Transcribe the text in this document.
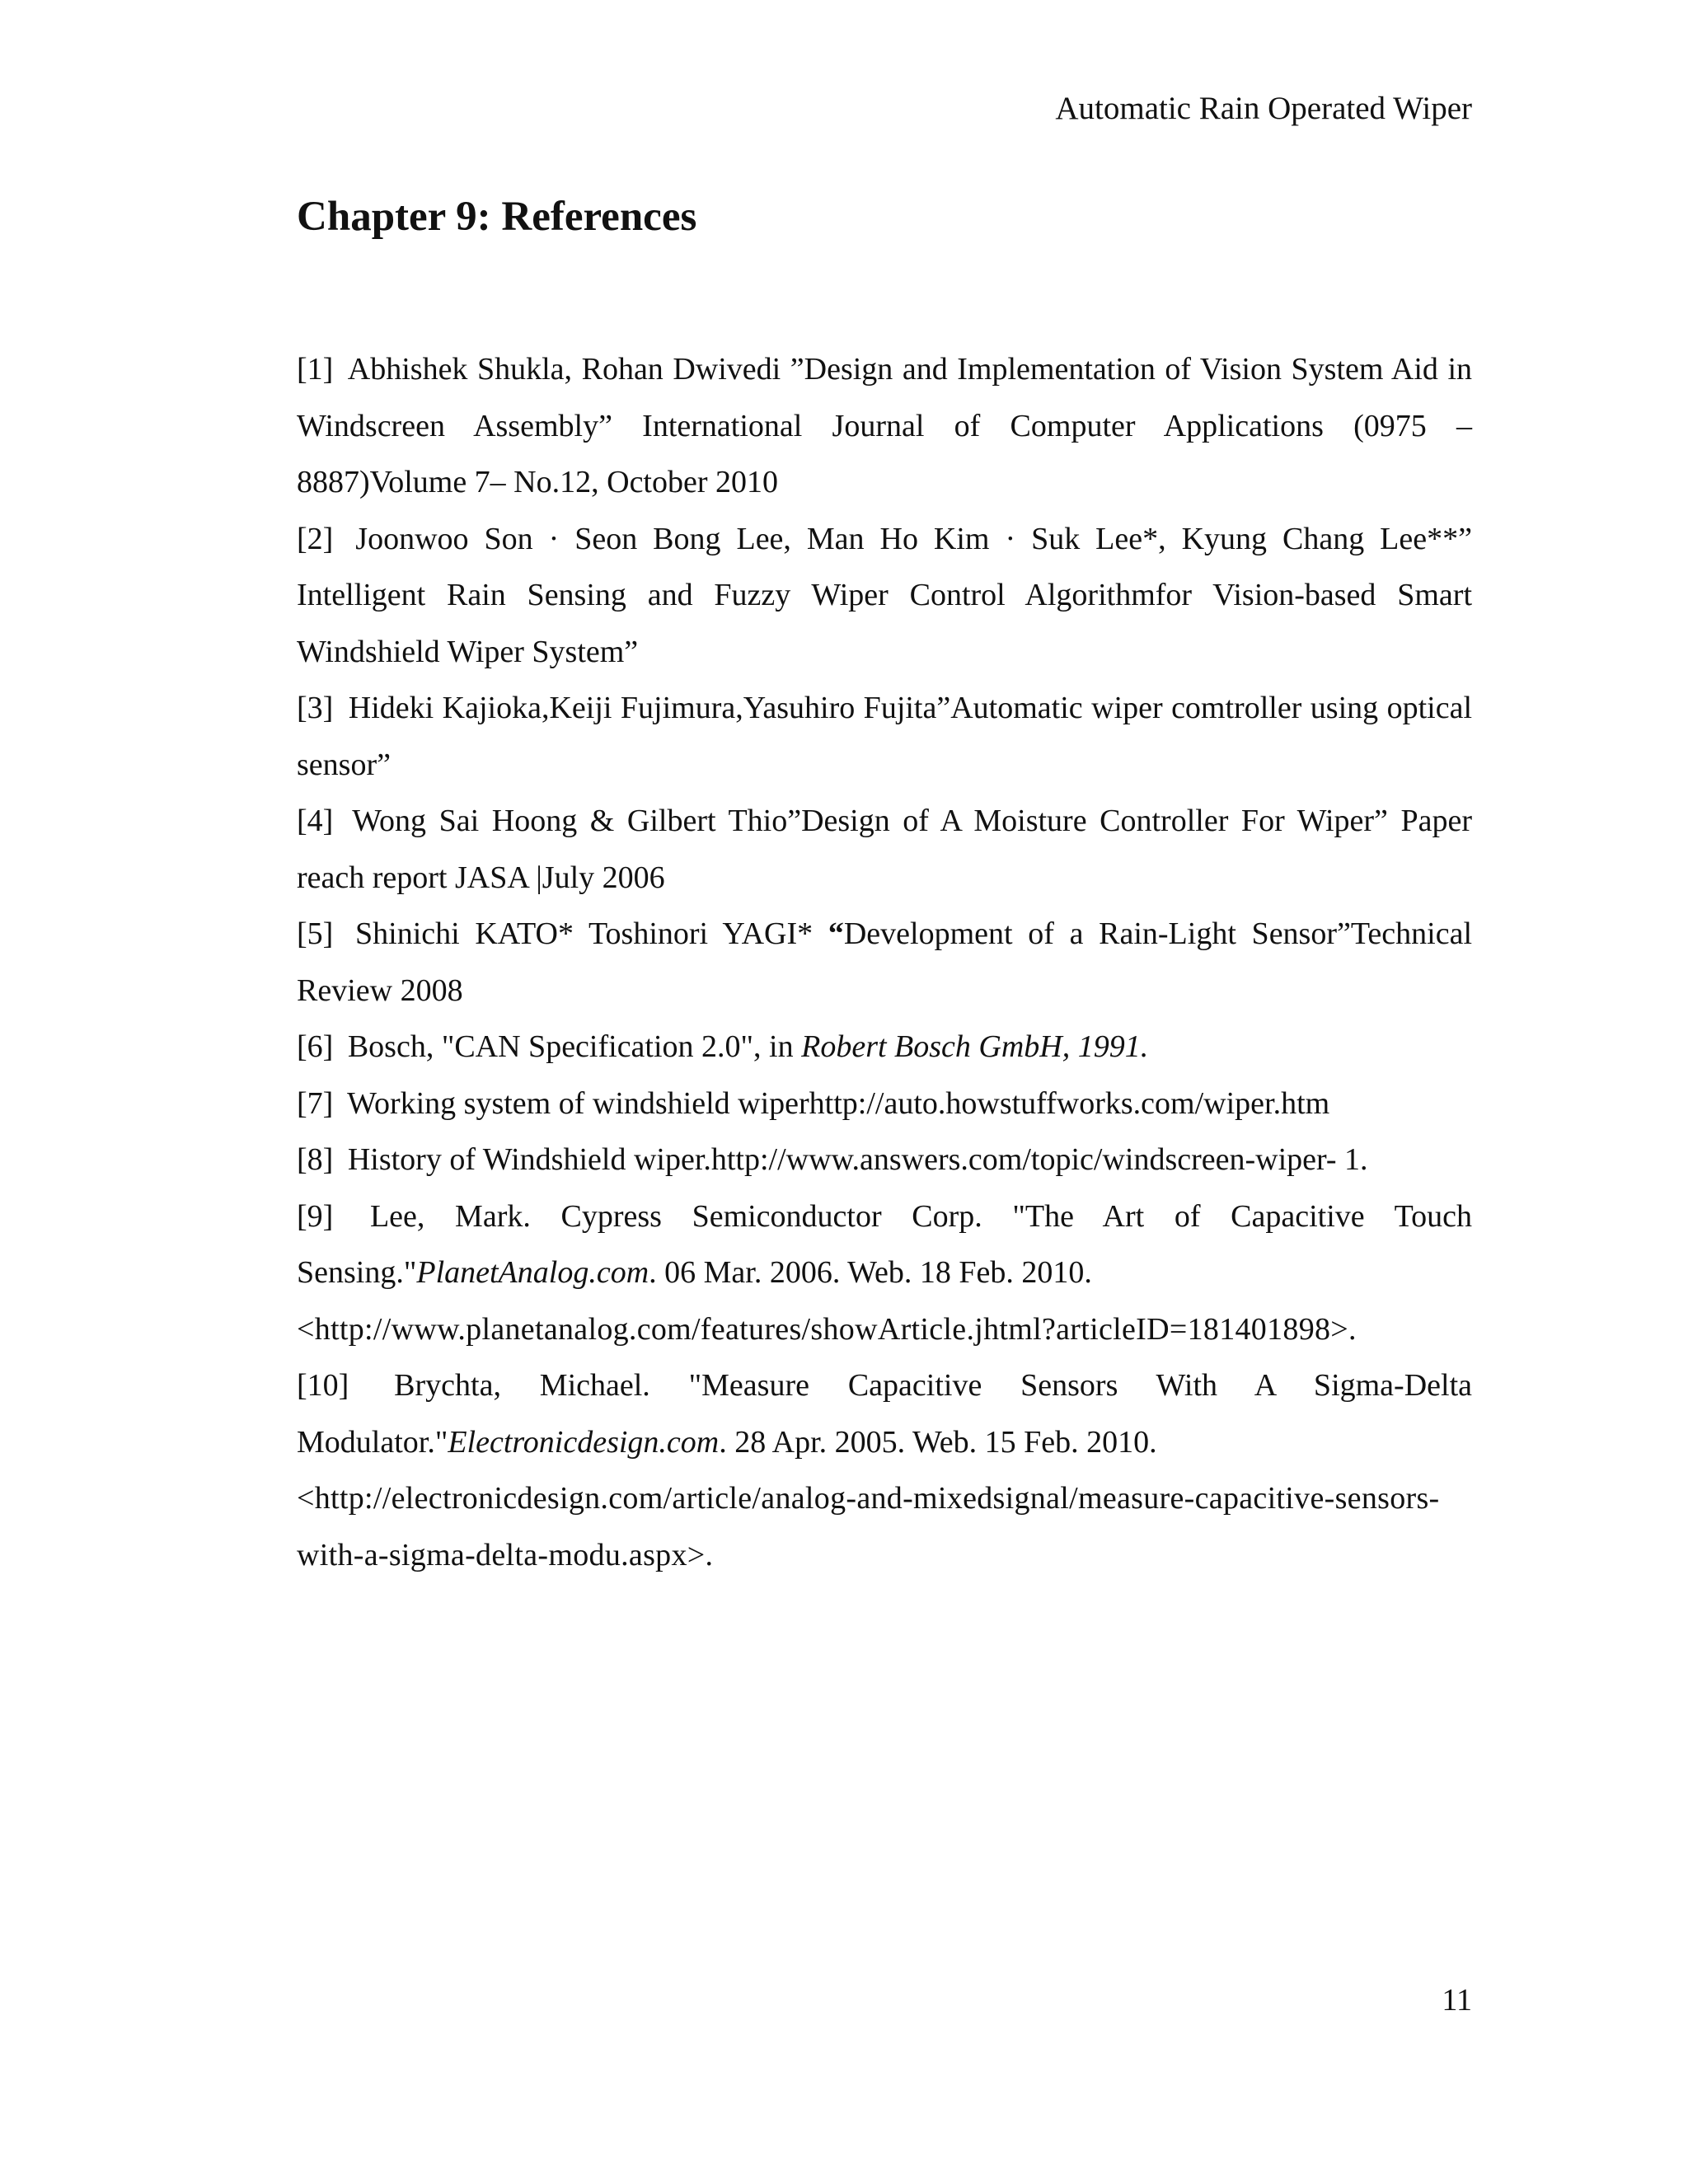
Automatic Rain Operated Wiper
Chapter 9: References

[1] Abhishek Shukla, Rohan Dwivedi ”Design and Implementation of Vision System Aid in Windscreen Assembly” International Journal of Computer Applications (0975 – 8887)Volume 7– No.12, October 2010

[2] Joonwoo Son · Seon Bong Lee, Man Ho Kim · Suk Lee*, Kyung Chang Lee**” Intelligent Rain Sensing and Fuzzy Wiper Control Algorithmfor Vision-based Smart Windshield Wiper System”

[3] Hideki Kajioka,Keiji Fujimura,Yasuhiro Fujita”Automatic wiper comtroller using optical sensor”

[4] Wong Sai Hoong & Gilbert Thio”Design of A Moisture Controller For Wiper” Paper reach report JASA |July 2006

[5] Shinichi KATO* Toshinori YAGI* “Development of a Rain-Light Sensor”Technical Review 2008

[6] Bosch, "CAN Specification 2.0", in Robert Bosch GmbH, 1991.

[7] Working system of windshield wiperhttp://auto.howstuffworks.com/wiper.htm

[8] History of Windshield wiper.http://www.answers.com/topic/windscreen-wiper- 1.

[9] Lee, Mark. Cypress Semiconductor Corp. "The Art of Capacitive Touch Sensing."PlanetAnalog.com. 06 Mar. 2006. Web. 18 Feb. 2010.
<http://www.planetanalog.com/features/showArticle.jhtml?articleID=181401898>.

[10] Brychta, Michael. "Measure Capacitive Sensors With A Sigma-Delta Modulator."Electronicdesign.com. 28 Apr. 2005. Web. 15 Feb. 2010.
<http://electronicdesign.com/article/analog-and-mixedsignal/measure-capacitive-sensors-
with-a-sigma-delta-modu.aspx>.

11
